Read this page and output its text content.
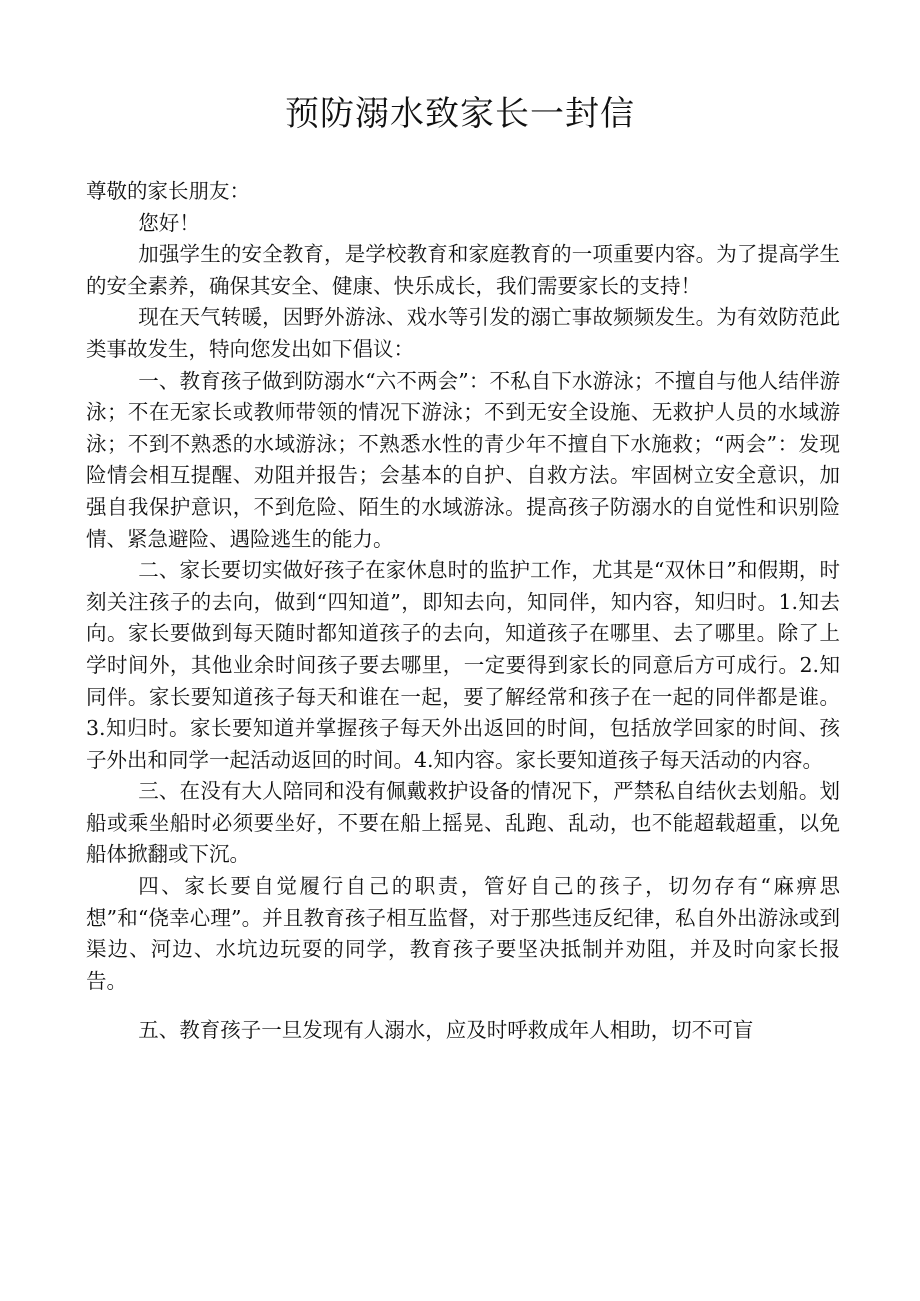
预防溺水致家长一封信

尊敬的家长朋友：

您好！

加强学生的安全教育，是学校教育和家庭教育的一项重要内容。为了提高学生的安全素养，确保其安全、健康、快乐成长，我们需要家长的支持！

现在天气转暖，因野外游泳、戏水等引发的溺亡事故频频发生。为有效防范此类事故发生，特向您发出如下倡议：

一、教育孩子做到防溺水“六不两会”：不私自下水游泳；不擅自与他人结伴游泳；不在无家长或教师带领的情况下游泳；不到无安全设施、无救护人员的水域游泳；不到不熟悉的水域游泳；不熟悉水性的青少年不擅自下水施救；“两会”：发现险情会相互提醒、劝阻并报告；会基本的自护、自救方法。牢固树立安全意识，加强自我保护意识，不到危险、陌生的水域游泳。提高孩子防溺水的自觉性和识别险情、紧急避险、遇险逃生的能力。

二、家长要切实做好孩子在家休息时的监护工作，尤其是“双休日”和假期，时刻关注孩子的去向，做到“四知道”，即知去向，知同伴，知内容，知归时。1.知去向。家长要做到每天随时都知道孩子的去向，知道孩子在哪里、去了哪里。除了上学时间外，其他业余时间孩子要去哪里，一定要得到家长的同意后方可成行。2.知同伴。家长要知道孩子每天和谁在一起，要了解经常和孩子在一起的同伴都是谁。3.知归时。家长要知道并掌握孩子每天外出返回的时间，包括放学回家的时间、孩子外出和同学一起活动返回的时间。4.知内容。家长要知道孩子每天活动的内容。

三、在没有大人陪同和没有佩戴救护设备的情况下，严禁私自结伙去划船。划船或乘坐船时必须要坐好，不要在船上摇晃、乱跑、乱动，也不能超载超重，以免船体掀翻或下沉。

四、家长要自觉履行自己的职责，管好自己的孩子，切勿存有“麻痹思想”和“侥幸心理”。并且教育孩子相互监督，对于那些违反纪律，私自外出游泳或到渠边、河边、水坑边玩耍的同学，教育孩子要坚决抵制并劝阻，并及时向家长报告。

五、教育孩子一旦发现有人溺水，应及时呼救成年人相助，切不可盲
